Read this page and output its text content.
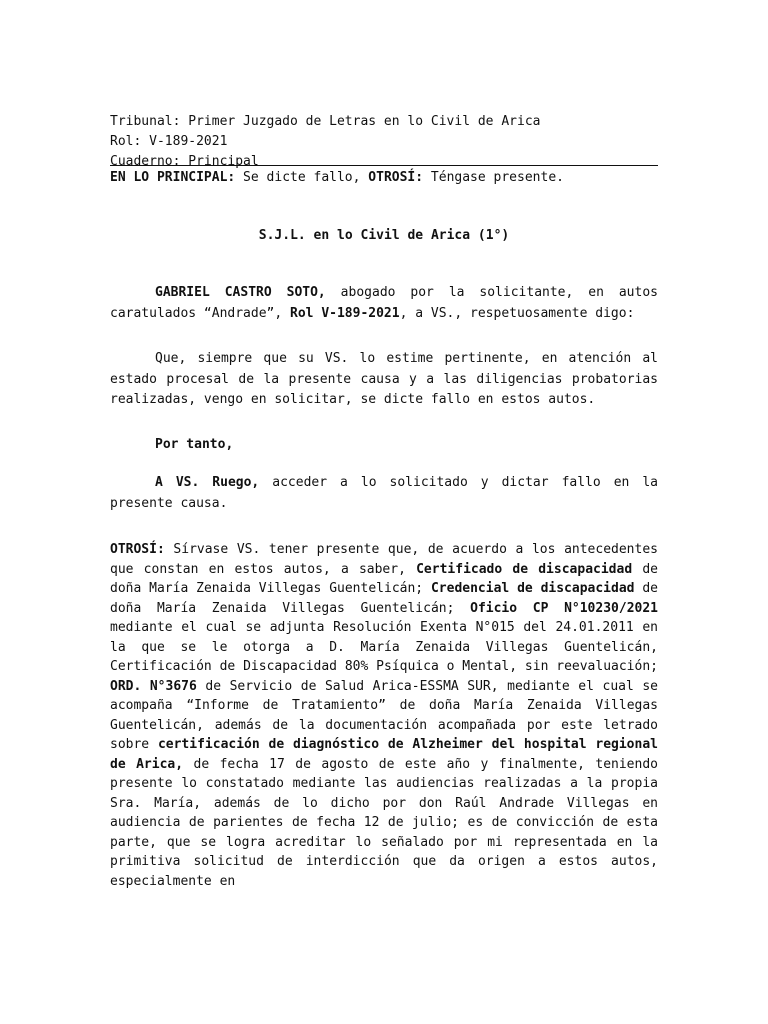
Tribunal: Primer Juzgado de Letras en lo Civil de Arica
Rol: V-189-2021
Cuaderno: Principal
EN LO PRINCIPAL: Se dicte fallo, OTROSÍ: Téngase presente.
S.J.L. en lo Civil de Arica (1°)
GABRIEL CASTRO SOTO, abogado por la solicitante, en autos caratulados “Andrade”, Rol V-189-2021, a VS., respetuosamente digo:
Que, siempre que su VS. lo estime pertinente, en atención al estado procesal de la presente causa y a las diligencias probatorias realizadas, vengo en solicitar, se dicte fallo en estos autos.
Por tanto,
A VS. Ruego, acceder a lo solicitado y dictar fallo en la presente causa.
OTROSÍ: Sírvase VS. tener presente que, de acuerdo a los antecedentes que constan en estos autos, a saber, Certificado de discapacidad de doña María Zenaida Villegas Guentelicán; Credencial de discapacidad de doña María Zenaida Villegas Guentelicán; Oficio CP N°10230/2021 mediante el cual se adjunta Resolución Exenta N°015 del 24.01.2011 en la que se le otorga a D. María Zenaida Villegas Guentelicán, Certificación de Discapacidad 80% Psíquica o Mental, sin reevaluación; ORD. N°3676 de Servicio de Salud Arica-ESSMA SUR, mediante el cual se acompaña “Informe de Tratamiento” de doña María Zenaida Villegas Guentelicán, además de la documentación acompañada por este letrado sobre certificación de diagnóstico de Alzheimer del hospital regional de Arica, de fecha 17 de agosto de este año y finalmente, teniendo presente lo constatado mediante las audiencias realizadas a la propia Sra. María, además de lo dicho por don Raúl Andrade Villegas en audiencia de parientes de fecha 12 de julio; es de convicción de esta parte, que se logra acreditar lo señalado por mi representada en la primitiva solicitud de interdicción que da origen a estos autos, especialmente en
